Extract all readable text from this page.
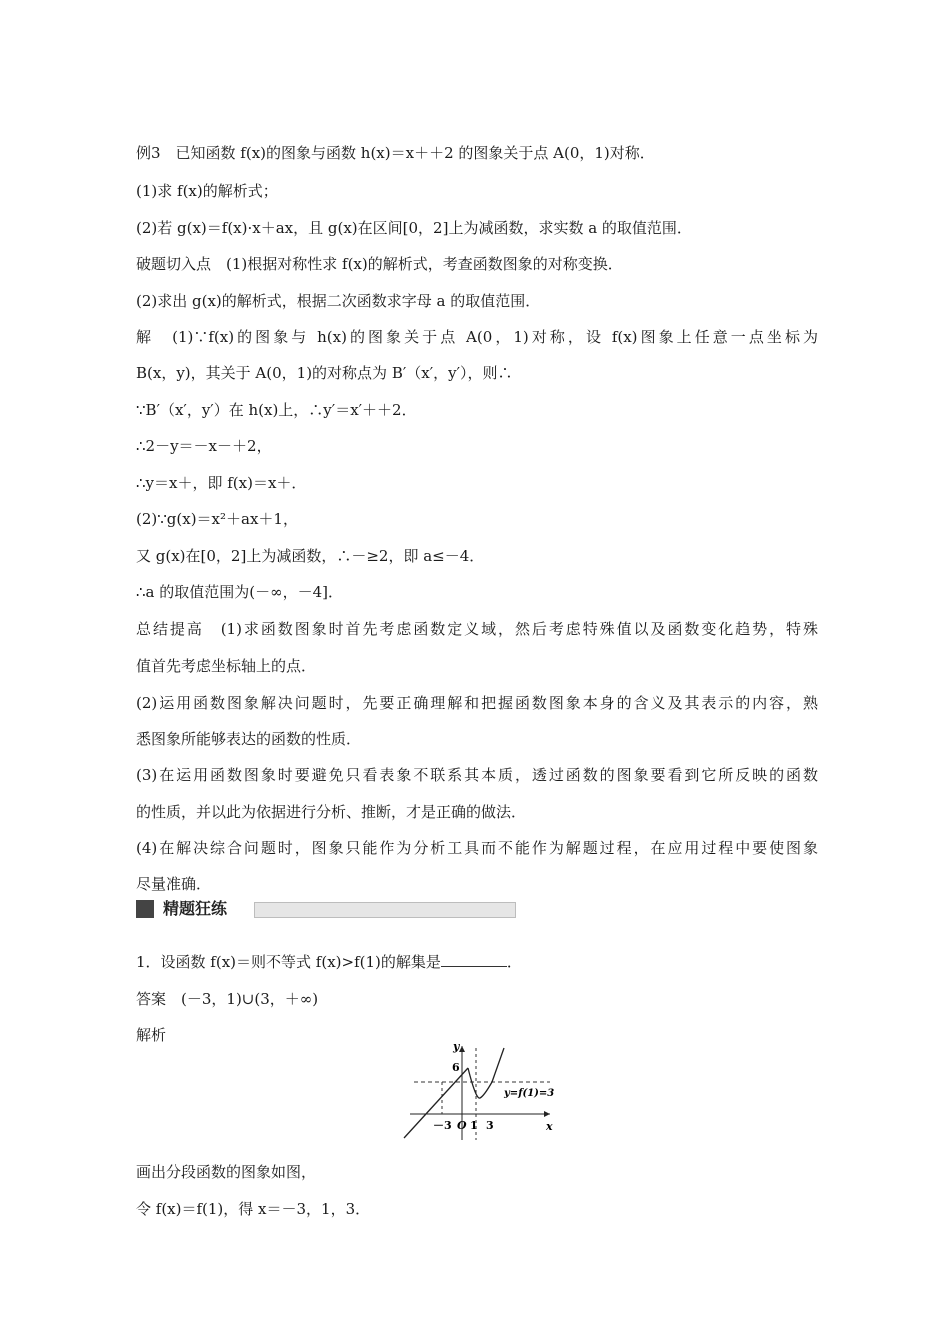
例3　已知函数 f(x)的图象与函数 h(x)＝x＋＋2 的图象关于点 A(0，1)对称．
(1)求 f(x)的解析式；
(2)若 g(x)＝f(x)·x＋ax，且 g(x)在区间[0，2]上为减函数，求实数 a 的取值范围．
破题切入点　(1)根据对称性求 f(x)的解析式，考查函数图象的对称变换．
(2)求出 g(x)的解析式，根据二次函数求字母 a 的取值范围．
解　(1)∵f(x)的图象与 h(x)的图象关于点 A(0，1)对称，设 f(x)图象上任意一点坐标为
B(x，y)，其关于 A(0，1)的对称点为 B′（x′，y′），则∴
∵B′（x′，y′）在 h(x)上，∴y′＝x′＋＋2．
∴2－y＝－x－＋2，
∴y＝x＋，即 f(x)＝x＋．
(2)∵g(x)＝x²＋ax＋1，
又 g(x)在[0，2]上为减函数，∴－≥2，即 a≤－4．
∴a 的取值范围为(－∞，－4]．
总结提高　(1)求函数图象时首先考虑函数定义域，然后考虑特殊值以及函数变化趋势，特殊
值首先考虑坐标轴上的点．
(2)运用函数图象解决问题时，先要正确理解和把握函数图象本身的含义及其表示的内容，熟
悉图象所能够表达的函数的性质．
(3)在运用函数图象时要避免只看表象不联系其本质，透过函数的图象要看到它所反映的函数
的性质，并以此为依据进行分析、推断，才是正确的做法．
(4)在解决综合问题时，图象只能作为分析工具而不能作为解题过程，在应用过程中要使图象
尽量准确．
精题狂练
1．设函数 f(x)＝则不等式 f(x)>f(1)的解集是	．
答案　(－3，1)∪(3，＋∞)
解析
y
x
6
O
－3 1 3
y=f(1)=3
画出分段函数的图象如图，
令 f(x)＝f(1)，得 x＝－3，1，3．
